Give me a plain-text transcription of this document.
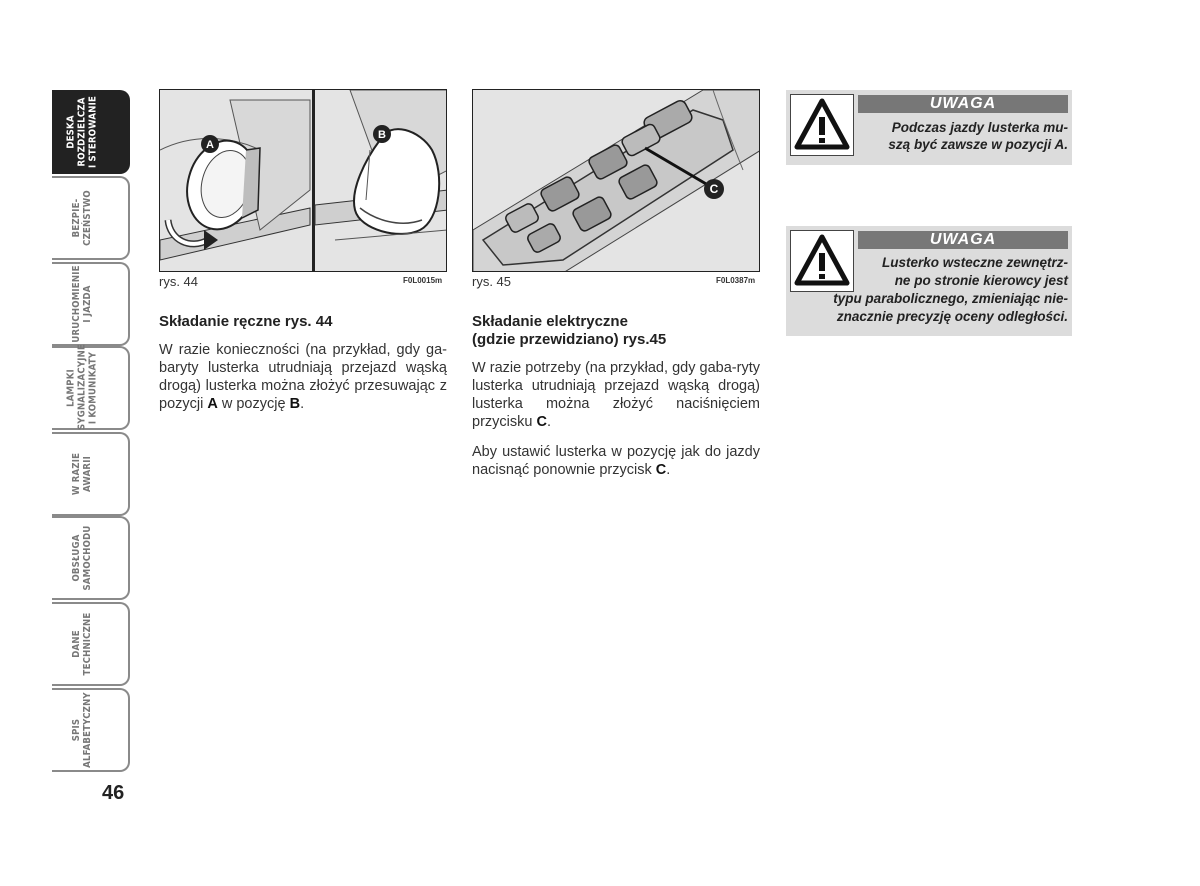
DESKA
ROZDZIELCZA
I STEROWANIE
BEZPIE-
CZEŃSTWO
URUCHOMIENIE
I JAZDA
LAMPKI
SYGNALIZACYJNE
I KOMUNIKATY
W RAZIE
AWARII
OBSŁUGA
SAMOCHODU
DANE
TECHNICZNE
SPIS
ALFABETYCZNY
46
A
B
rys. 44	F0L0015m
C
rys. 45	F0L0387m
Składanie ręczne rys. 44

W razie konieczności (na przykład, gdy ga-baryty lusterka utrudniają przejazd wąską drogą) lusterka można złożyć przesuwając z pozycji A w pozycję B.

Składanie elektryczne
(gdzie przewidziano) rys.45

W razie potrzeby (na przykład, gdy gaba-ryty lusterka utrudniają przejazd wąską drogą) lusterka można złożyć naciśnięciem przycisku C.

Aby ustawić lusterka w pozycję jak do jazdy nacisnąć ponownie przycisk C.

UWAGA
Podczas jazdy lusterka mu-
szą być zawsze w pozycji A.
UWAGA
Lusterko wsteczne zewnętrz-
ne po stronie kierowcy jest
typu parabolicznego, zmieniając nie-
znacznie precyzję oceny odległości.
